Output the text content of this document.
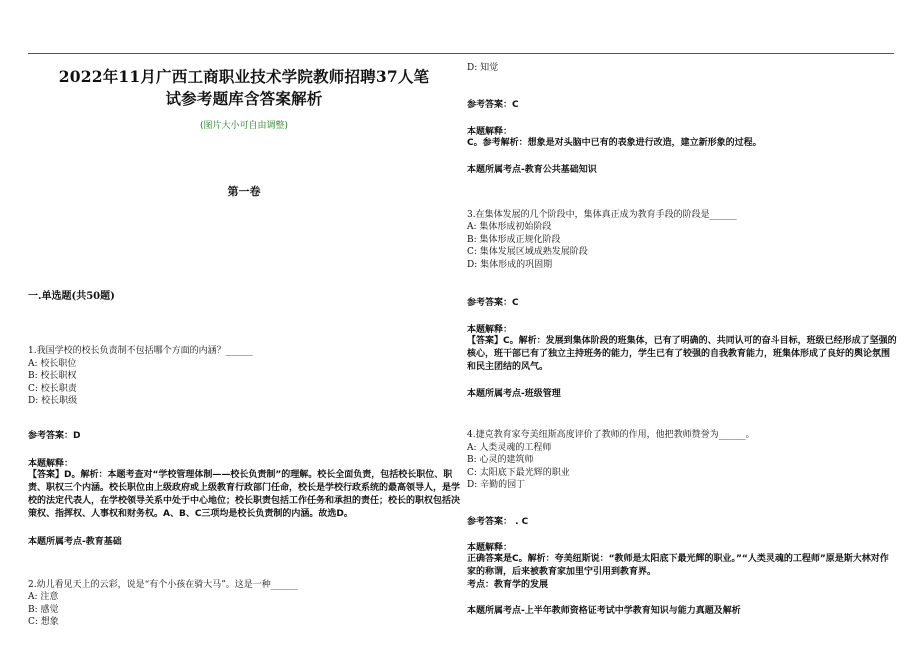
2022年11月广西工商职业技术学院教师招聘37人笔
试参考题库含答案解析
(图片大小可自由调整)
第一卷
一.单选题(共50题)
1.我国学校的校长负责制不包括哪个方面的内涵？______
A: 校长职位
B: 校长职权
C: 校长职责
D: 校长职级
参考答案：D
本题解释：
【答案】D。解析：本题考查对“学校管理体制——校长负责制”的理解。校长全面负责，包括校长职位、职责、职权三个内涵。校长职位由上级政府或上级教育行政部门任命，校长是学校行政系统的最高领导人，是学校的法定代表人，在学校领导关系中处于中心地位；校长职责包括工作任务和承担的责任；校长的职权包括决策权、指挥权、人事权和财务权。A、B、C三项均是校长负责制的内涵。故选D。
本题所属考点-教育基础
2.幼儿看见天上的云彩，说是“有个小孩在骑大马”。这是一种______
A: 注意
B: 感觉
C: 想象
D: 知觉
参考答案：C
本题解释：
C。参考解析：想象是对头脑中已有的表象进行改造，建立新形象的过程。
本题所属考点-教育公共基础知识
3.在集体发展的几个阶段中，集体真正成为教育手段的阶段是______
A: 集体形成初始阶段
B: 集体形成正规化阶段
C: 集体发展区域成熟发展阶段
D: 集体形成的巩固期
参考答案：C
本题解释：
【答案】C。解析：发展到集体阶段的班集体，已有了明确的、共同认可的奋斗目标，班级已经形成了坚强的核心，班干部已有了独立主持班务的能力，学生已有了较强的自我教育能力，班集体形成了良好的舆论氛围和民主团结的风气。
本题所属考点-班级管理
4.捷克教育家夸美纽斯高度评价了教师的作用，他把教师赞誉为______。
A: 人类灵魂的工程师
B: 心灵的建筑师
C: 太阳底下最光辉的职业
D: 辛勤的园丁
参考答案： . C
本题解释：
正确答案是C。解析：夸美纽斯说：“教师是太阳底下最光辉的职业。”“人类灵魂的工程师”原是斯大林对作家的称谓，后来被教育家加里宁引用到教育界。
考点：教育学的发展
本题所属考点-上半年教师资格证考试中学教育知识与能力真题及解析
